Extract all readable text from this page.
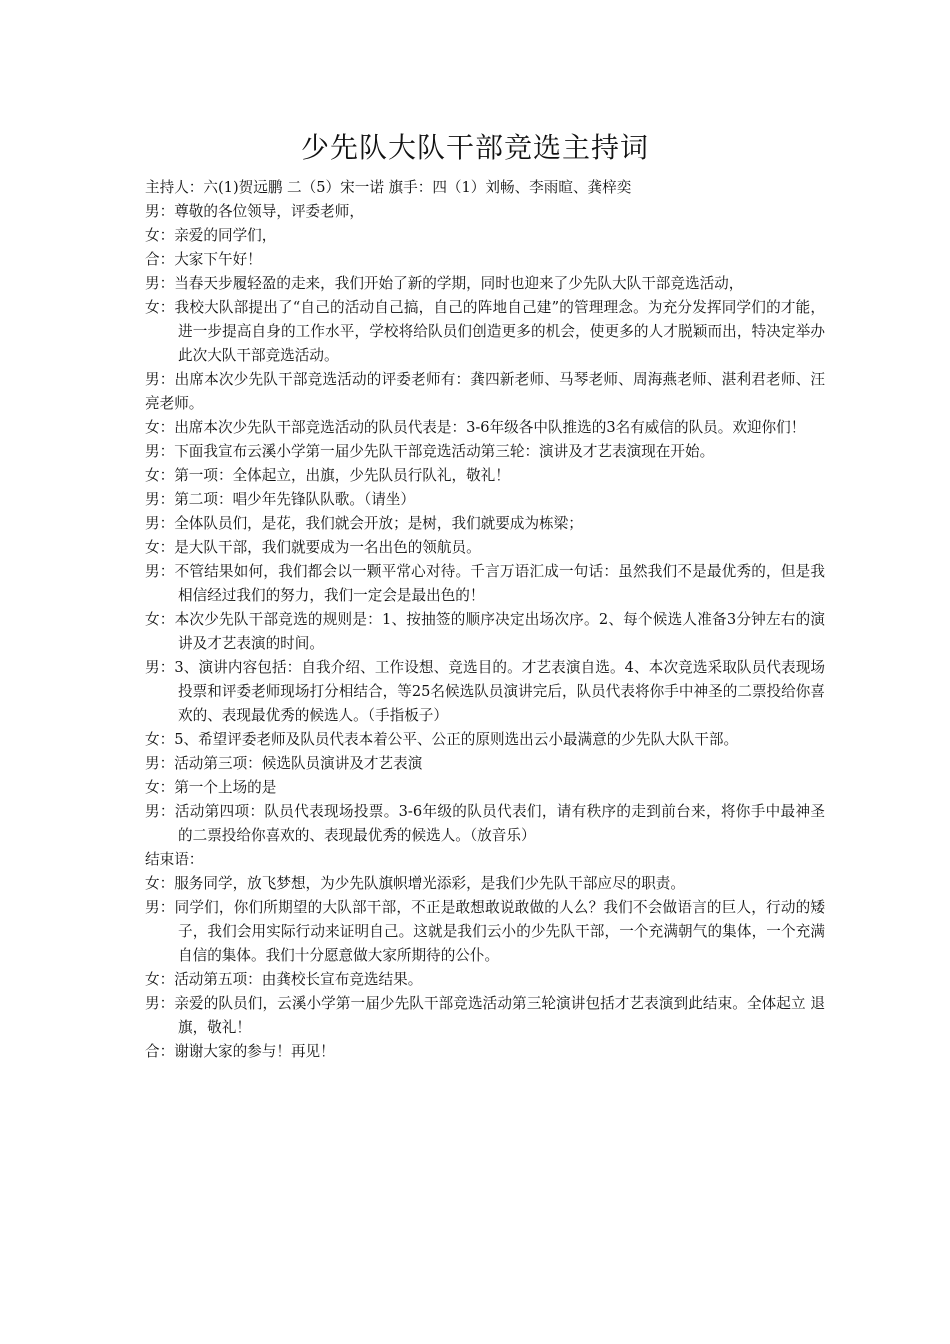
少先队大队干部竞选主持词

主持人：六(1)贺远鹏 二（5）宋一诺 旗手：四（1）刘畅、李雨暄、龚梓奕

男：尊敬的各位领导，评委老师，

女：亲爱的同学们，

合：大家下午好！

男：当春天步履轻盈的走来，我们开始了新的学期，同时也迎来了少先队大队干部竞选活动，

女：我校大队部提出了“自己的活动自己搞，自己的阵地自己建”的管理理念。为充分发挥同学们的才能，进一步提高自身的工作水平，学校将给队员们创造更多的机会，使更多的人才脱颖而出，特决定举办此次大队干部竞选活动。

男：出席本次少先队干部竞选活动的评委老师有：龚四新老师、马琴老师、周海燕老师、湛利君老师、汪亮老师。

女：出席本次少先队干部竞选活动的队员代表是：3-6年级各中队推选的3名有威信的队员。欢迎你们！

男：下面我宣布云溪小学第一届少先队干部竞选活动第三轮：演讲及才艺表演现在开始。

女：第一项：全体起立，出旗，少先队员行队礼，敬礼！

男：第二项：唱少年先锋队队歌。（请坐）

男：全体队员们，是花，我们就会开放；是树，我们就要成为栋梁；

女：是大队干部，我们就要成为一名出色的领航员。

男：不管结果如何，我们都会以一颗平常心对待。千言万语汇成一句话：虽然我们不是最优秀的，但是我相信经过我们的努力，我们一定会是最出色的！

女：本次少先队干部竞选的规则是：1、按抽签的顺序决定出场次序。2、每个候选人准备3分钟左右的演讲及才艺表演的时间。

男：3、演讲内容包括：自我介绍、工作设想、竞选目的。才艺表演自选。4、本次竞选采取队员代表现场投票和评委老师现场打分相结合，等25名候选队员演讲完后，队员代表将你手中神圣的二票投给你喜欢的、表现最优秀的候选人。（手指板子）

女：5、希望评委老师及队员代表本着公平、公正的原则选出云小最满意的少先队大队干部。

男：活动第三项：候选队员演讲及才艺表演

女：第一个上场的是

男：活动第四项：队员代表现场投票。3-6年级的队员代表们，请有秩序的走到前台来，将你手中最神圣的二票投给你喜欢的、表现最优秀的候选人。（放音乐）

结束语：

女：服务同学，放飞梦想，为少先队旗帜增光添彩，是我们少先队干部应尽的职责。

男：同学们，你们所期望的大队部干部，不正是敢想敢说敢做的人么？我们不会做语言的巨人，行动的矮子，我们会用实际行动来证明自己。这就是我们云小的少先队干部，一个充满朝气的集体，一个充满自信的集体。我们十分愿意做大家所期待的公仆。

女：活动第五项：由龚校长宣布竞选结果。

男：亲爱的队员们，云溪小学第一届少先队干部竞选活动第三轮演讲包括才艺表演到此结束。全体起立 退旗，敬礼！

合：谢谢大家的参与！再见！
